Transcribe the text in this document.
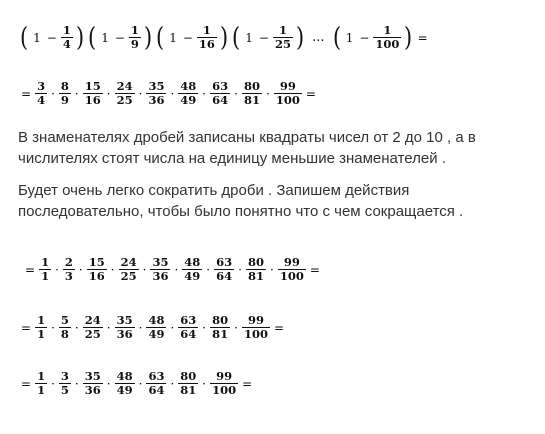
( $1 - \frac{1}{4}$ ) ( $1 - \frac{1}{9}$ ) ( $1 - \frac{1}{16}$ ) ( $1 - \frac{1}{25}$ ) ... ( $1 - \frac{1}{100}$ ) =
= $\frac{3}{4} \cdot \frac{8}{9} \cdot \frac{15}{16} \cdot \frac{24}{25} \cdot \frac{35}{36} \cdot \frac{48}{49} \cdot \frac{63}{64} \cdot \frac{80}{81} \cdot \frac{99}{100}$ =
В знаменателях дробей записаны квадраты чисел от 2 до 10 , а в числителях стоят числа на единицу меньшие знаменателей .
Будет очень легко сократить дроби . Запишем действия последовательно, чтобы было понятно что с чем сокращается .
= $\frac{1}{1} \cdot \frac{2}{3} \cdot \frac{15}{16} \cdot \frac{24}{25} \cdot \frac{35}{36} \cdot \frac{48}{49} \cdot \frac{63}{64} \cdot \frac{80}{81} \cdot \frac{99}{100}$ =
= $\frac{1}{1} \cdot \frac{5}{8} \cdot \frac{24}{25} \cdot \frac{35}{36} \cdot \frac{48}{49} \cdot \frac{63}{64} \cdot \frac{80}{81} \cdot \frac{99}{100}$ =
= $\frac{1}{1} \cdot \frac{3}{5} \cdot \frac{35}{36} \cdot \frac{48}{49} \cdot \frac{63}{64} \cdot \frac{80}{81} \cdot \frac{99}{100}$ =
